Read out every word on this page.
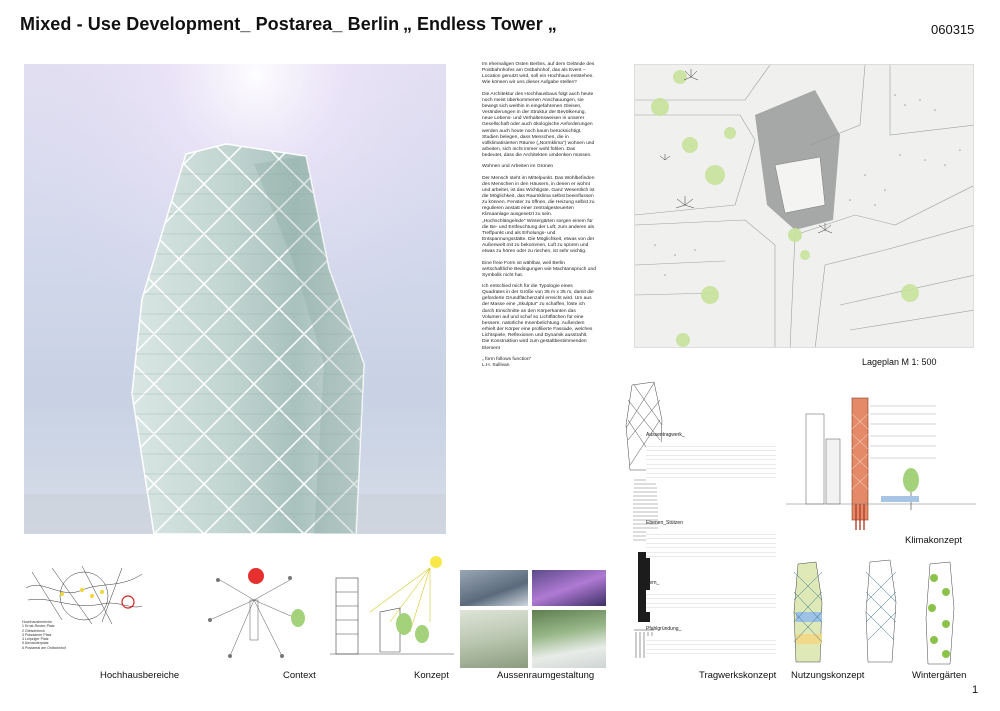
Mixed - Use Development_ Postarea_ Berlin „ Endless Tower „	060315

Im ehemaligen Osten Berlins, auf dem Gelände des Postbahnhofes am Ostbahnhof, das als Event – Location genutzt wird, soll ein Hochhaus entstehen. Wie können wir uns dieser Aufgabe stellen?

Die Architektur des Hochhausbaus folgt auch heute noch meist überkommenen Anschauungen, sie bewegt sich weithin in eingefahrenen Gleisen, Veränderungen in der Struktur der Bevölkerung, neue Lebens- und Verhaltensweisen in unserer Gesellschaft oder auch ökologische Anforderungen werden auch heute noch kaum berücksichtigt. Studien belegen, dass Menschen, die in vollklimatisierten Räume („Normklima“) wohnen und arbeiten, sich nicht immer wohl fühlen. Das bedeutet, dass die Architekten umdenken müssen.

Wohnen und Arbeiten im Grünen

Der Mensch steht im Mittelpunkt. Das Wohlbefinden des Menschen in den Häusern, in denen er wohnt und arbeitet, ist das Wichtigste. Ganz Wesentlich ist die Möglichkeit, das Raumklima selbst beeinflussen zu können. Fenster zu öffnen, die Heizung selbst zu regulieren anstatt einer zentralgesteuerten Klimaanlage ausgesetzt zu sein. „Hochschlängelnde“ Wintergärten sorgen einem für die Be- und Entfeuchtung der Luft; zum anderen als Treffpunkt und als Erholungs- und Entspannungsstätte. Die Möglichkeit, etwas von der Außenwelt mit zu bekommen, Luft zu spüren und etwas zu hören oder zu riechen, ist sehr wichtig.

Eine freie Form ist wählbar, weil Berlin wirtschaftliche Bedingungen wie Machtanspruch und Symbolik nicht hat.

Ich entschied mich für die Typologie eines Quadrates in der Größe von 35 m x 35 m, damit die geforderte Grundflächenzahl erreicht wird. Um aus der Masse eine „Skulptur“ zu schaffen, löste ich durch Einschnitte an den Körperkanten das Volumen auf und schuf so Lichtflächen für eine bessere, natürliche Innenbelichtung. Außerdem erhielt der Körper eine profilierte Fassade, welches Lichtspiele, Reflexionen und Dynamik ausstrahlt. Die Konstruktion wird zum gestaltbestimmenden Element

„ form follows function“

L.H. Sullivan	Lageplan M 1: 500
Aussentragwerk_
Ebenen_Stützen
Kern_
Pfahlgründung_
Klimakonzept
Hochhausbereiche
1 Ernst-Reuter-Platz
2 Gleisdreieck
3 Potsdamer Platz
4 Leipziger Platz
5 Alexanderplatz
6 Postareal am Ostbahnhof
Hochhausbereiche	Context	Konzept	Aussenraumgestaltung	Tragwerkskonzept Nutzungskonzept	Wintergärten
1
